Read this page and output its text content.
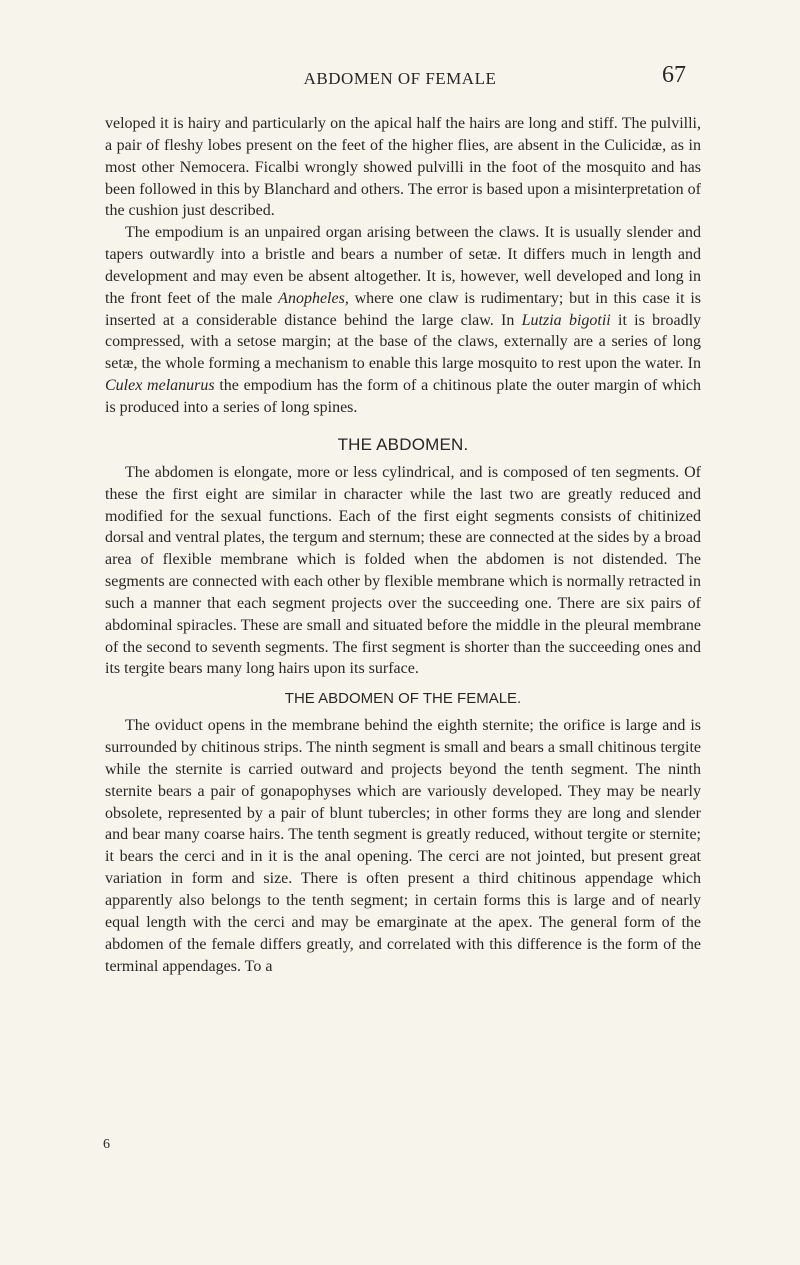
ABDOMEN OF FEMALE	67

veloped it is hairy and particularly on the apical half the hairs are long and stiff. The pulvilli, a pair of fleshy lobes present on the feet of the higher flies, are absent in the Culicidæ, as in most other Nemocera. Ficalbi wrongly showed pulvilli in the foot of the mosquito and has been followed in this by Blanchard and others. The error is based upon a misinterpretation of the cushion just described.

The empodium is an unpaired organ arising between the claws. It is usually slender and tapers outwardly into a bristle and bears a number of setæ. It differs much in length and development and may even be absent altogether. It is, however, well developed and long in the front feet of the male Anopheles, where one claw is rudimentary; but in this case it is inserted at a considerable distance behind the large claw. In Lutzia bigotii it is broadly compressed, with a setose margin; at the base of the claws, externally are a series of long setæ, the whole forming a mechanism to enable this large mosquito to rest upon the water. In Culex melanurus the empodium has the form of a chitinous plate the outer margin of which is produced into a series of long spines.

THE ABDOMEN.

The abdomen is elongate, more or less cylindrical, and is composed of ten segments. Of these the first eight are similar in character while the last two are greatly reduced and modified for the sexual functions. Each of the first eight segments consists of chitinized dorsal and ventral plates, the tergum and sternum; these are connected at the sides by a broad area of flexible membrane which is folded when the abdomen is not distended. The segments are connected with each other by flexible membrane which is normally retracted in such a manner that each segment projects over the succeeding one. There are six pairs of abdominal spiracles. These are small and situated before the middle in the pleural membrane of the second to seventh segments. The first segment is shorter than the succeeding ones and its tergite bears many long hairs upon its surface.

THE ABDOMEN OF THE FEMALE.

The oviduct opens in the membrane behind the eighth sternite; the orifice is large and is surrounded by chitinous strips. The ninth segment is small and bears a small chitinous tergite while the sternite is carried outward and projects beyond the tenth segment. The ninth sternite bears a pair of gonapophyses which are variously developed. They may be nearly obsolete, represented by a pair of blunt tubercles; in other forms they are long and slender and bear many coarse hairs. The tenth segment is greatly reduced, without tergite or sternite; it bears the cerci and in it is the anal opening. The cerci are not jointed, but present great variation in form and size. There is often present a third chitinous appendage which apparently also belongs to the tenth segment; in certain forms this is large and of nearly equal length with the cerci and may be emarginate at the apex. The general form of the abdomen of the female differs greatly, and correlated with this difference is the form of the terminal appendages. To a

6
